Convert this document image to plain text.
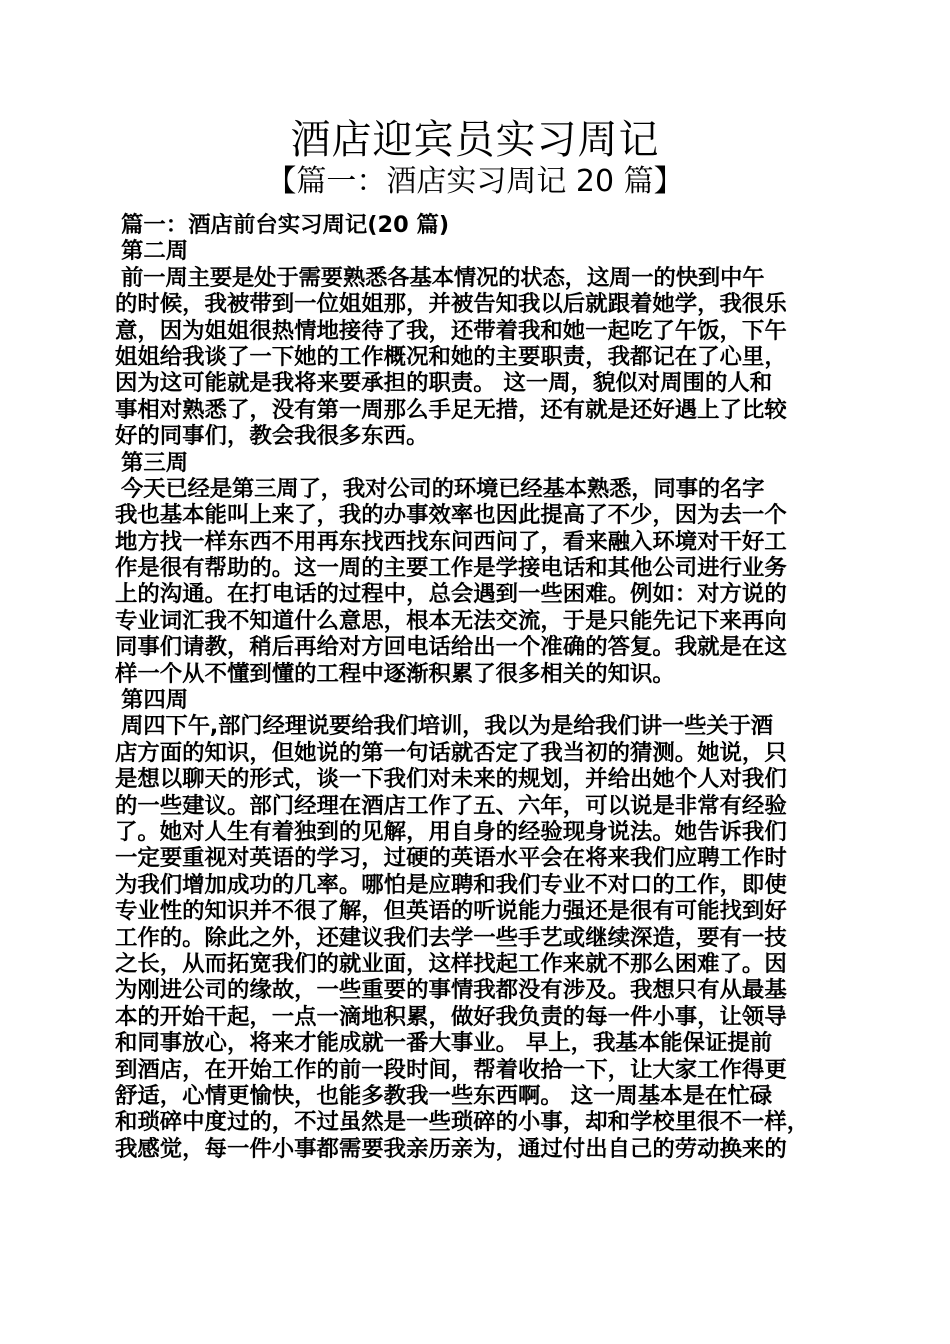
酒店迎宾员实习周记
【篇一：酒店实习周记 20 篇】
篇一：酒店前台实习周记(20 篇)
第二周
前一周主要是处于需要熟悉各基本情况的状态，这周一的快到中午
的时候，我被带到一位姐姐那，并被告知我以后就跟着她学，我很乐
意，因为姐姐很热情地接待了我，还带着我和她一起吃了午饭，下午
姐姐给我谈了一下她的工作概况和她的主要职责，我都记在了心里，
因为这可能就是我将来要承担的职责。 这一周，貌似对周围的人和
事相对熟悉了，没有第一周那么手足无措，还有就是还好遇上了比较
好的同事们，教会我很多东西。
第三周
今天已经是第三周了，我对公司的环境已经基本熟悉，同事的名字
我也基本能叫上来了，我的办事效率也因此提高了不少，因为去一个
地方找一样东西不用再东找西找东问西问了，看来融入环境对干好工
作是很有帮助的。这一周的主要工作是学接电话和其他公司进行业务
上的沟通。在打电话的过程中，总会遇到一些困难。例如：对方说的
专业词汇我不知道什么意思，根本无法交流，于是只能先记下来再向
同事们请教，稍后再给对方回电话给出一个准确的答复。我就是在这
样一个从不懂到懂的工程中逐渐积累了很多相关的知识。
第四周
周四下午,部门经理说要给我们培训，我以为是给我们讲一些关于酒
店方面的知识，但她说的第一句话就否定了我当初的猜测。她说，只
是想以聊天的形式，谈一下我们对未来的规划，并给出她个人对我们
的一些建议。部门经理在酒店工作了五、六年，可以说是非常有经验
了。她对人生有着独到的见解，用自身的经验现身说法。她告诉我们
一定要重视对英语的学习，过硬的英语水平会在将来我们应聘工作时
为我们增加成功的几率。哪怕是应聘和我们专业不对口的工作，即使
专业性的知识并不很了解，但英语的听说能力强还是很有可能找到好
工作的。除此之外，还建议我们去学一些手艺或继续深造，要有一技
之长，从而拓宽我们的就业面，这样找起工作来就不那么困难了。因
为刚进公司的缘故，一些重要的事情我都没有涉及。我想只有从最基
本的开始干起，一点一滴地积累，做好我负责的每一件小事，让领导
和同事放心，将来才能成就一番大事业。 早上，我基本能保证提前
到酒店，在开始工作的前一段时间，帮着收拾一下，让大家工作得更
舒适，心情更愉快，也能多教我一些东西啊。 这一周基本是在忙碌
和琐碎中度过的，不过虽然是一些琐碎的小事，却和学校里很不一样，
我感觉，每一件小事都需要我亲历亲为，通过付出自己的劳动换来的
